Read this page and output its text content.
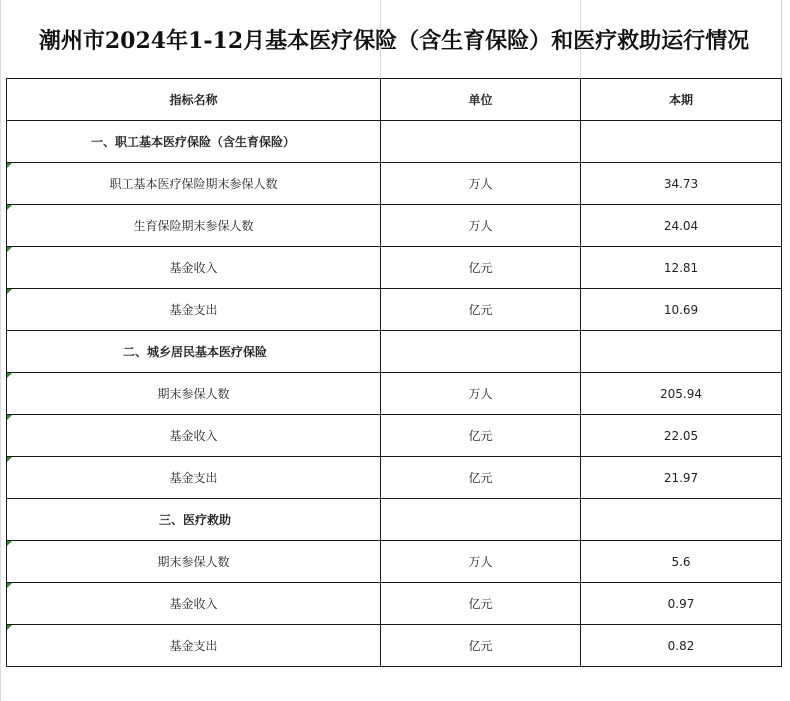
潮州市2024年1-12月基本医疗保险（含生育保险）和医疗救助运行情况
指标名称	单位	本期
一、职工基本医疗保险（含生育保险）		

职工基本医疗保险期末参保人数	万人	34.73

生育保险期末参保人数	万人	24.04

基金收入	亿元	12.81

基金支出	亿元	10.69
二、城乡居民基本医疗保险		

期末参保人数	万人	205.94

基金收入	亿元	22.05

基金支出	亿元	21.97
三、医疗救助		

期末参保人数	万人	5.6

基金收入	亿元	0.97

基金支出	亿元	0.82
